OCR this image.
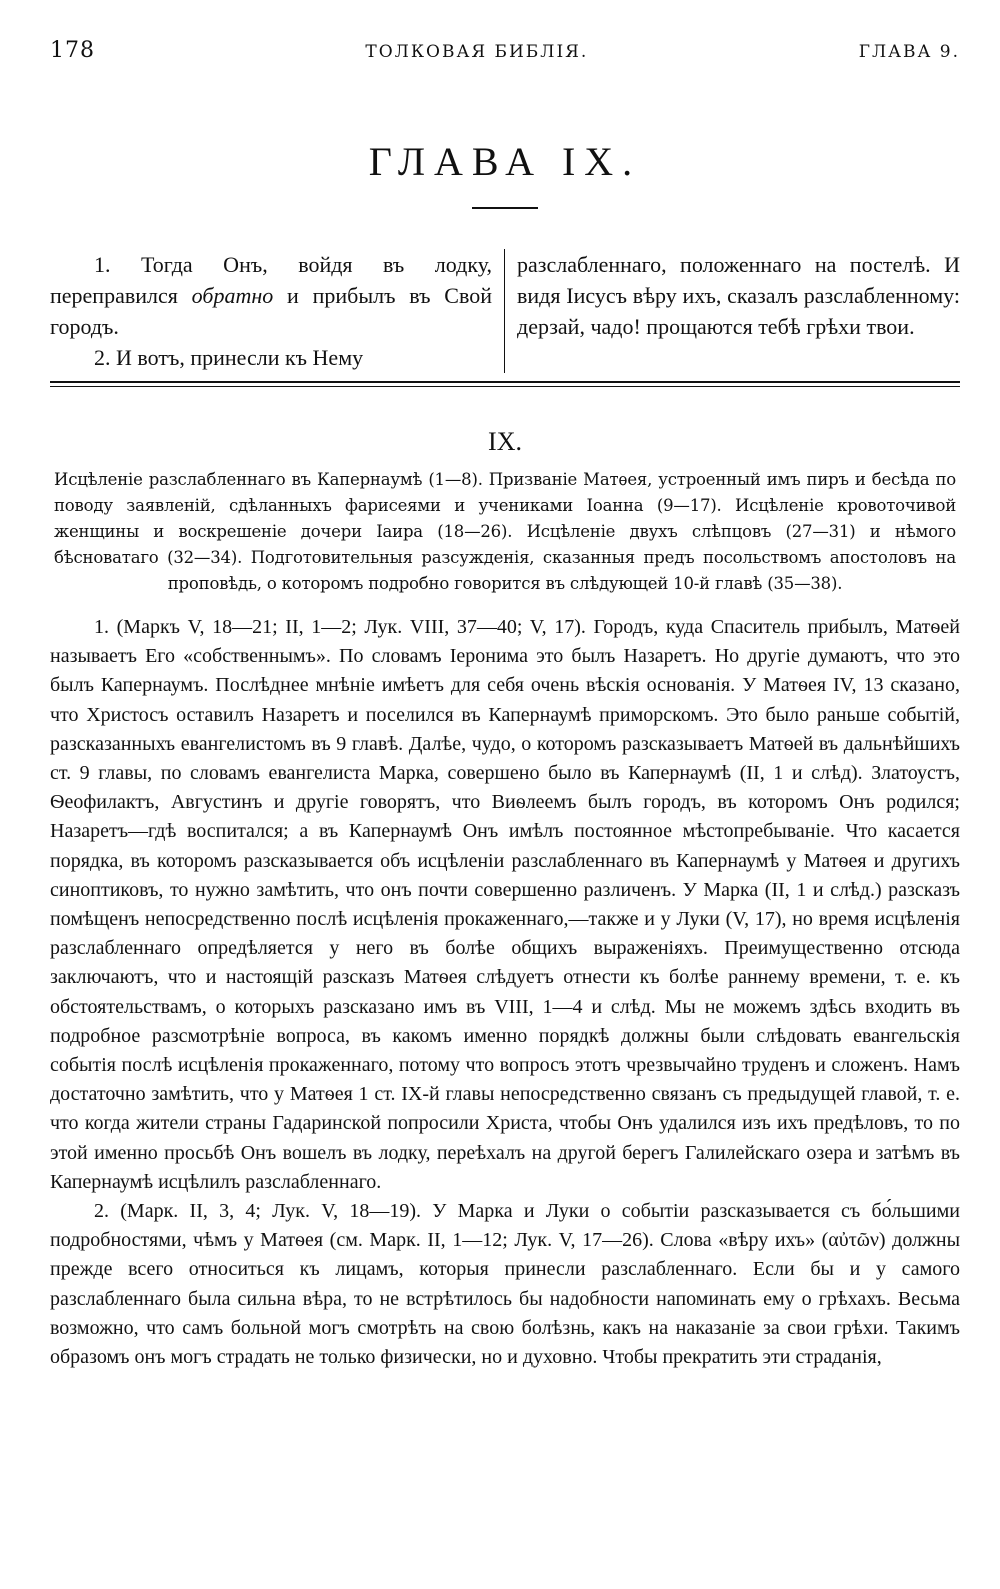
178	ТОЛКОВАЯ БИБЛІЯ.	ГЛАВА 9.
ГЛАВА IX.

1. Тогда Онъ, войдя въ лодку, переправился обратно и прибылъ въ Свой городъ.

2. И вотъ, принесли къ Нему

разслабленнаго, положеннаго на постелѣ. И видя Іисусъ вѣру ихъ, сказалъ разслабленному: дерзай, чадо! прощаются тебѣ грѣхи твои.

IX.

Исцѣленіе разслабленнаго въ Капернаумѣ (1—8). Призваніе Матѳея, устроенный имъ пиръ и бесѣда по поводу заявленій, сдѣланныхъ фарисеями и учениками Іоанна (9—17). Исцѣленіе кровоточивой женщины и воскрешеніе дочери Іаира (18—26). Исцѣленіе двухъ слѣпцовъ (27—31) и нѣмого бѣсноватаго (32—34). Подготовительныя разсужденія, сказанныя предъ посольствомъ апостоловъ на проповѣдь, о которомъ подробно говорится въ слѣдующей 10-й главѣ (35—38).

1. (Маркъ V, 18—21; II, 1—2; Лук. VIII, 37—40; V, 17). Городъ, куда Спаситель прибылъ, Матѳей называетъ Его «собственнымъ». По словамъ Іеронима это былъ Назаретъ. Но другіе думаютъ, что это былъ Капернаумъ. Послѣднее мнѣніе имѣетъ для себя очень вѣскія основанія. У Матѳея IV, 13 сказано, что Христосъ оставилъ Назаретъ и поселился въ Капернаумѣ приморскомъ. Это было раньше событій, разсказанныхъ евангелистомъ въ 9 главѣ. Далѣе, чудо, о которомъ разсказываетъ Матѳей въ дальнѣйшихъ ст. 9 главы, по словамъ евангелиста Марка, совершено было въ Капернаумѣ (II, 1 и слѣд). Златоустъ, Ѳеофилактъ, Августинъ и другіе говорятъ, что Виѳлеемъ былъ городъ, въ которомъ Онъ родился; Назаретъ—гдѣ воспитался; а въ Капернаумѣ Онъ имѣлъ постоянное мѣстопребываніе. Что касается порядка, въ которомъ разсказывается объ исцѣленіи разслабленнаго въ Капернаумѣ у Матѳея и другихъ синоптиковъ, то нужно замѣтить, что онъ почти совершенно различенъ. У Марка (II, 1 и слѣд.) разсказъ помѣщенъ непосредственно послѣ исцѣленія прокаженнаго,—также и у Луки (V, 17), но время исцѣленія разслабленнаго опредѣляется у него въ болѣе общихъ выраженіяхъ. Преимущественно отсюда заключаютъ, что и настоящій разсказъ Матѳея слѣдуетъ отнести къ болѣе раннему времени, т. е. къ обстоятельствамъ, о которыхъ разсказано имъ въ VIII, 1—4 и слѣд. Мы не можемъ здѣсь входить въ подробное разсмотрѣніе вопроса, въ какомъ именно порядкѣ должны были слѣдовать евангельскія событія послѣ исцѣленія прокаженнаго, потому что вопросъ этотъ чрезвычайно труденъ и сложенъ. Намъ достаточно замѣтить, что у Матѳея 1 ст. IX-й главы непосредственно связанъ съ предыдущей главой, т. е. что когда жители страны Гадаринской попросили Христа, чтобы Онъ удалился изъ ихъ предѣловъ, то по этой именно просьбѣ Онъ вошелъ въ лодку, переѣхалъ на другой берегъ Галилейскаго озера и затѣмъ въ Капернаумѣ исцѣлилъ разслабленнаго.

2. (Марк. II, 3, 4; Лук. V, 18—19). У Марка и Луки о событіи разсказывается съ бо́льшими подробностями, чѣмъ у Матѳея (см. Марк. II, 1—12; Лук. V, 17—26). Слова «вѣру ихъ» (αὐτῶν) должны прежде всего относиться къ лицамъ, которыя принесли разслабленнаго. Если бы и у самого разслабленнаго была сильна вѣра, то не встрѣтилось бы надобности напоминать ему о грѣхахъ. Весьма возможно, что самъ больной могъ смотрѣть на свою болѣзнь, какъ на наказаніе за свои грѣхи. Такимъ образомъ онъ могъ страдать не только физически, но и духовно. Чтобы прекратить эти страданія,
